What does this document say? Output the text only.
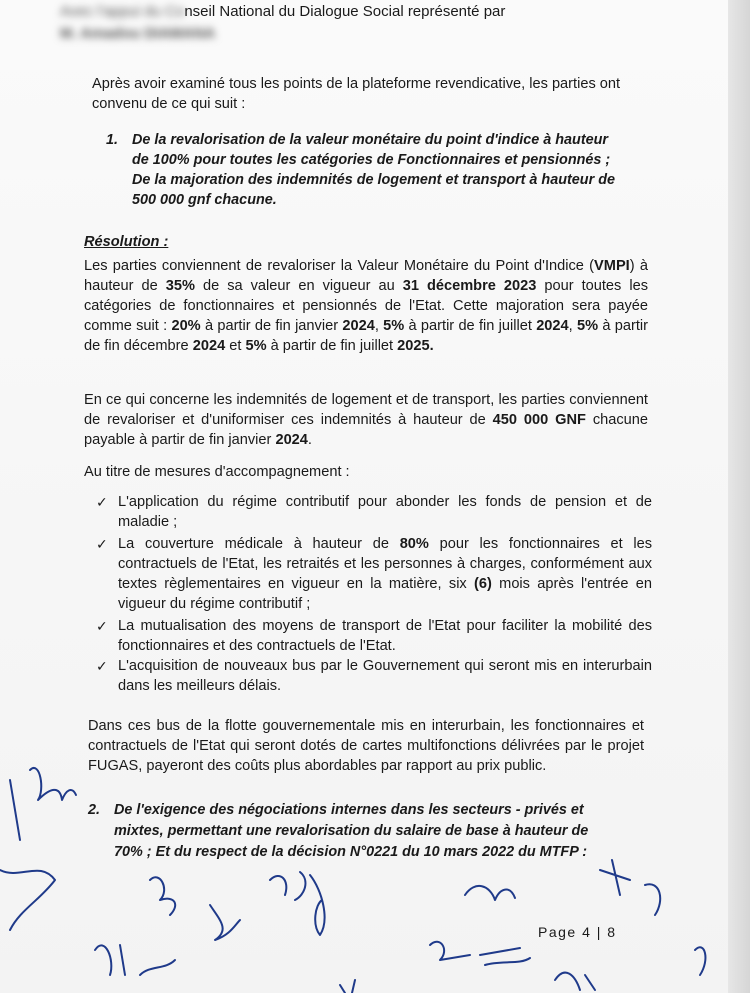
Avec l'appui du Conseil National du Dialogue Social représenté par
M. Amadou DIAMANA
Après avoir examiné tous les points de la plateforme revendicative, les parties ont convenu de ce qui suit :
1. De la revalorisation de la valeur monétaire du point d'indice à hauteur
de 100% pour toutes les catégories de Fonctionnaires et pensionnés ;
De la majoration des indemnités de logement et transport à hauteur de
500 000 gnf chacune.
Résolution :
Les parties conviennent de revaloriser la Valeur Monétaire du Point d'Indice (VMPI) à hauteur de 35% de sa valeur en vigueur au 31 décembre 2023 pour toutes les catégories de fonctionnaires et pensionnés de l'Etat. Cette majoration sera payée comme suit : 20% à partir de fin janvier 2024, 5% à partir de fin juillet 2024, 5% à partir de fin décembre 2024 et 5% à partir de fin juillet 2025.
En ce qui concerne les indemnités de logement et de transport, les parties conviennent de revaloriser et d'uniformiser ces indemnités à hauteur de 450 000 GNF chacune payable à partir de fin janvier 2024.
Au titre de mesures d'accompagnement :
✓ L'application du régime contributif pour abonder les fonds de pension et de maladie ;
✓ La couverture médicale à hauteur de 80% pour les fonctionnaires et les contractuels de l'Etat, les retraités et les personnes à charges, conformément aux textes règlementaires en vigueur en la matière, six (6) mois après l'entrée en vigueur du régime contributif ;
✓ La mutualisation des moyens de transport de l'Etat pour faciliter la mobilité des fonctionnaires et des contractuels de l'Etat.
✓ L'acquisition de nouveaux bus par le Gouvernement qui seront mis en interurbain dans les meilleurs délais.
Dans ces bus de la flotte gouvernementale mis en interurbain, les fonctionnaires et contractuels de l'Etat qui seront dotés de cartes multifonctions délivrées par le projet FUGAS, payeront des coûts plus abordables par rapport au prix public.
2. De l'exigence des négociations internes dans les secteurs - privés et
mixtes, permettant une revalorisation du salaire de base à hauteur de
70% ; Et du respect de la décision N°0221 du 10 mars 2022 du MTFP :
Page 4 | 8
